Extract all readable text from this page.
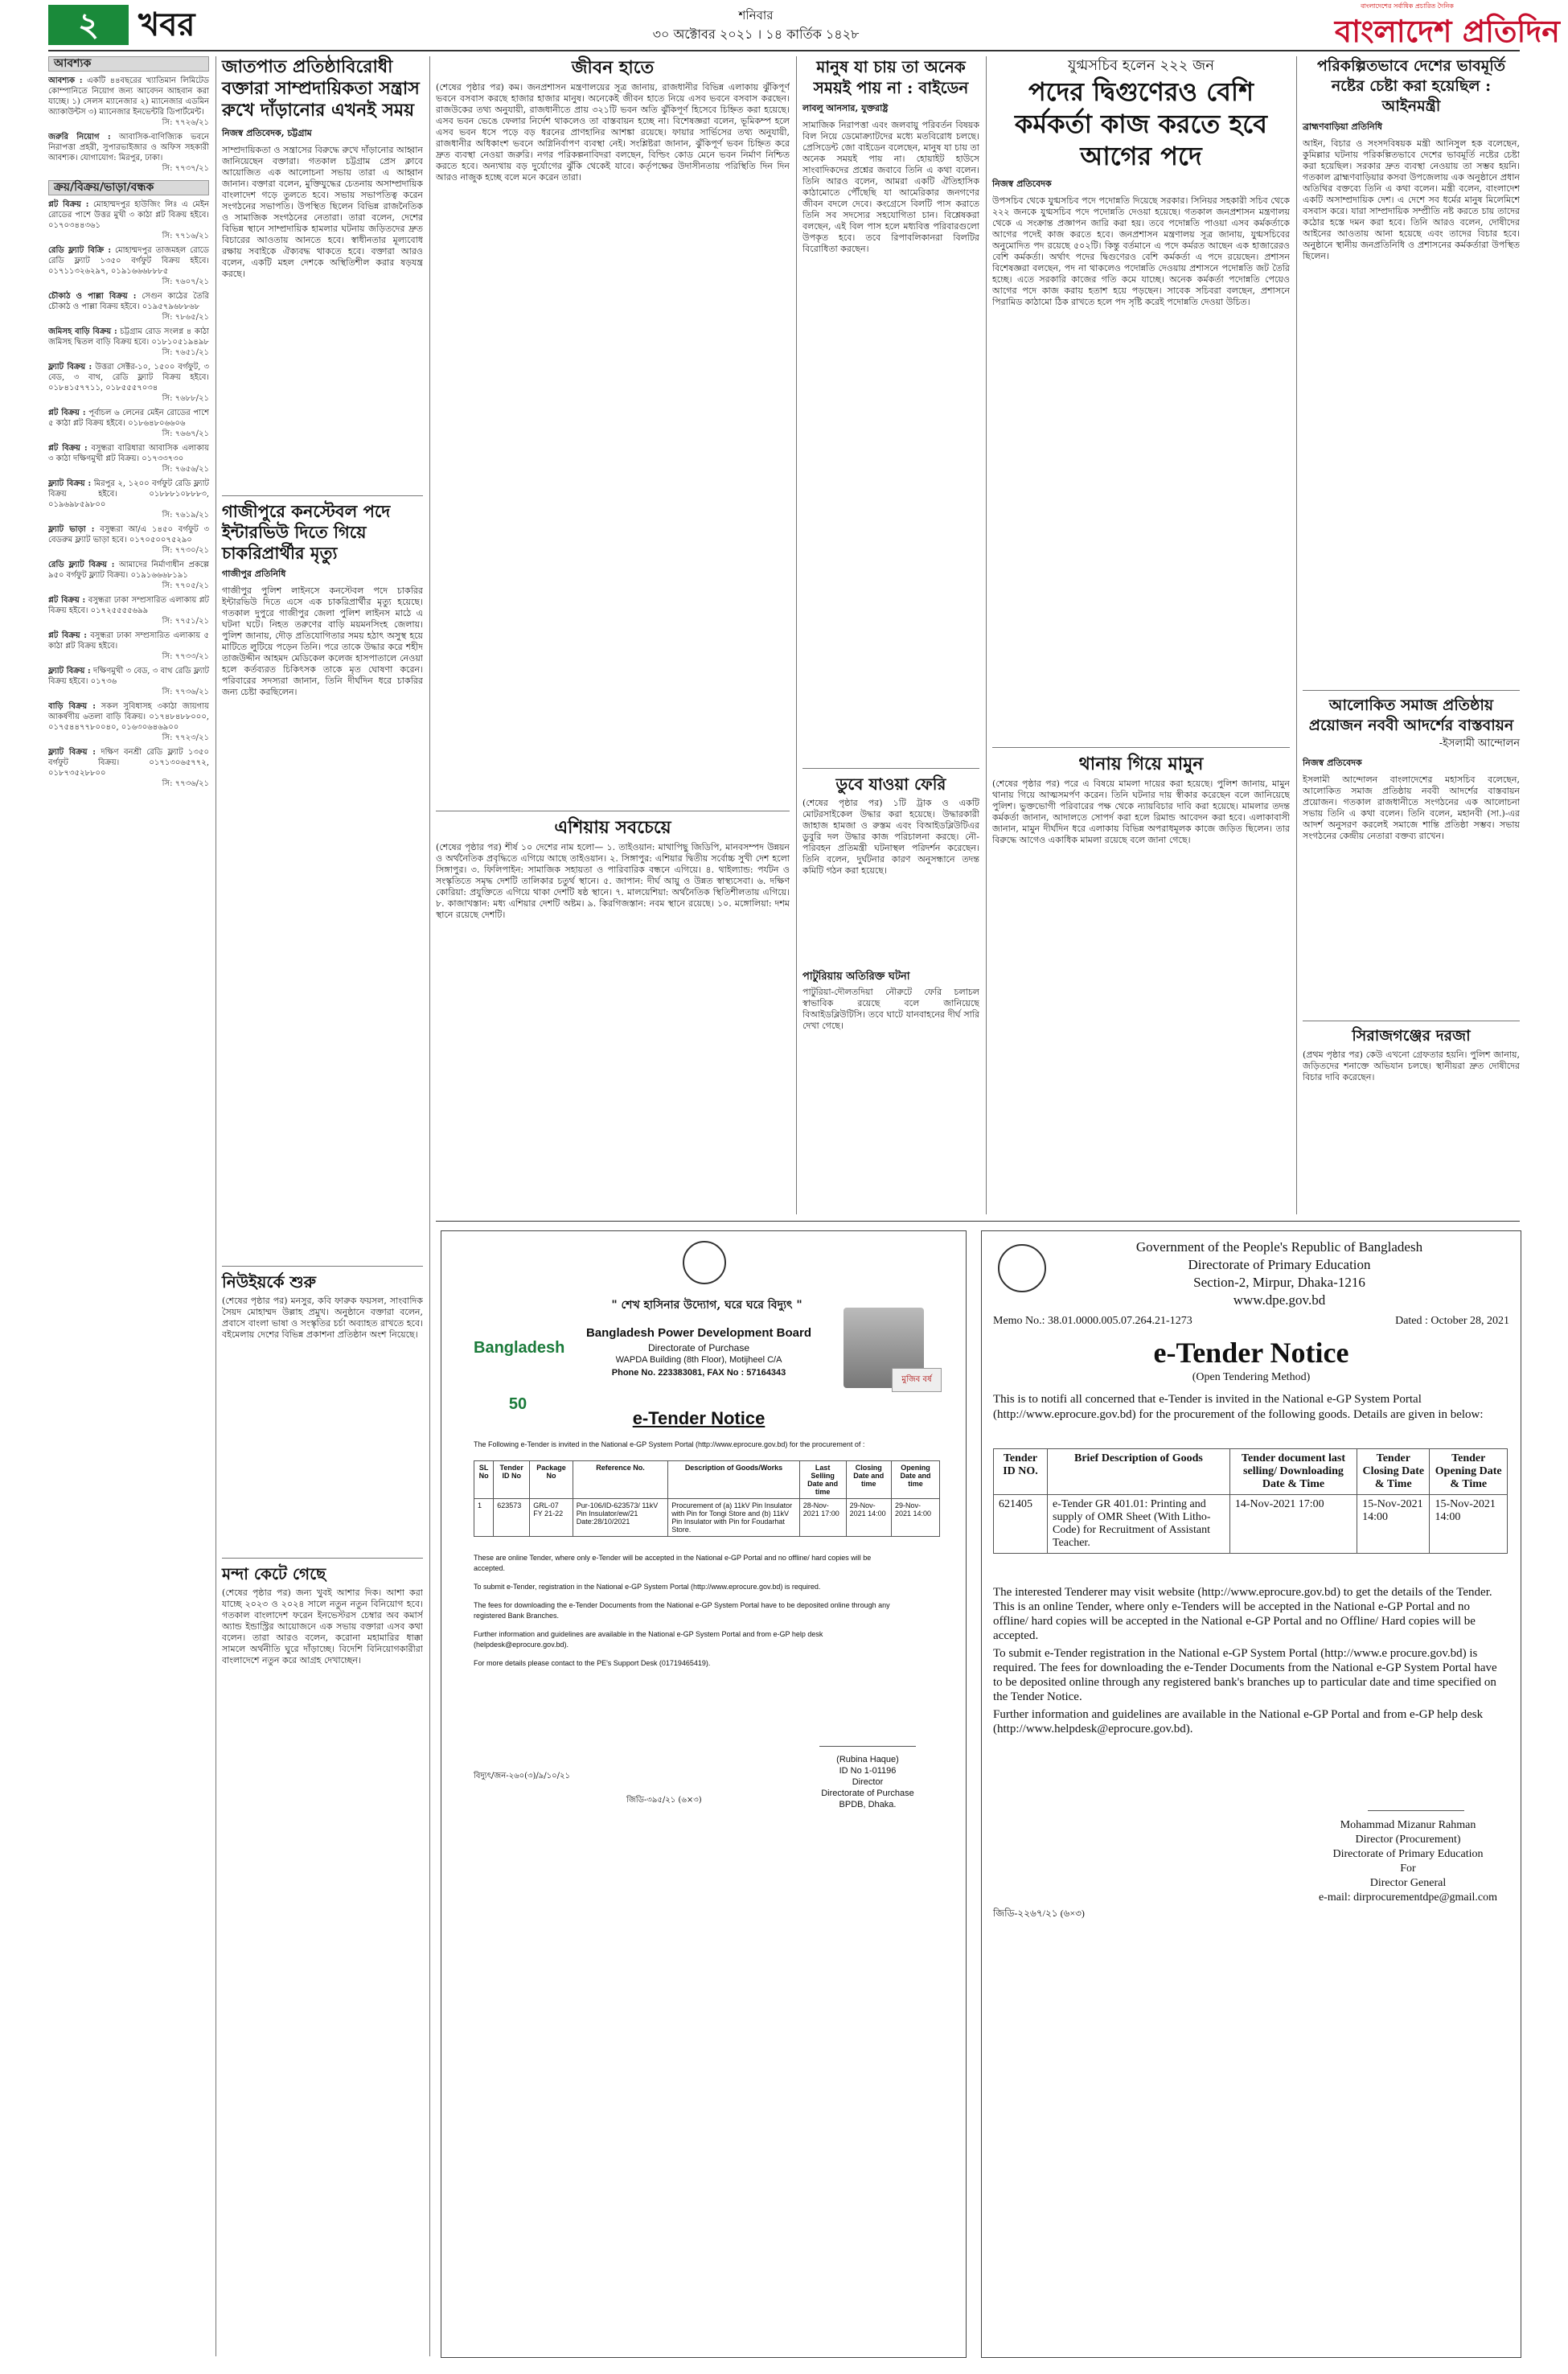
২	খবর	শনিবার
৩০ অক্টোবর ২০২১ । ১৪ কার্তিক ১৪২৮
বাংলাদেশের সর্বাধিক প্রচারিত দৈনিক
বাংলাদেশ প্রতিদিন
আবশ্যক
আবশ্যক : একটি ৪৪বছরের খ্যাতিমান লিমিটেড কোম্পানিতে নিয়োগ জন্য আবেদন আহবান করা যাচ্ছে। ১) সেলস ম্যানেজার ২) ম্যানেজার এডমিন অ্যাকাউন্টস ৩) ম্যানেজার ইনভেন্টরি ডিপার্টমেন্ট।
সি: ৭৭২৬/২১
জরুরি নিয়োগ : আবাসিক-বাণিজ্যিক ভবনে নিরাপত্তা প্রহরী, সুপারভাইজার ও অফিস সহকারী আবশ্যক। যোগাযোগ: মিরপুর, ঢাকা।
সি: ৭৭৩৭/২১
ক্রয়/বিক্রয়/ভাড়া/বন্ধক
প্লট বিক্রয় : মোহাম্মদপুর হাউজিং লিঃ এ মেইন রোডের পাশে উত্তর মুখী ৩ কাঠা প্লট বিক্রয় হইবে। ০১৭০৩৪৪৩৬১
সি: ৭৭১৬/২১
রেডি ফ্ল্যাট বিক্রি : মোহাম্মদপুর তাজমহল রোডে রেডি ফ্ল্যাট ১৩৫০ বর্গফুট বিক্রয় হইবে। ০১৭১১৩২৬২৯৭, ০১৯১৬৬৬৮৮৮৫
সি: ৭৬০৭/২১
চৌকাঠ ও পাল্লা বিক্রয় : সেগুন কাঠের তৈরি চৌকাঠ ও পাল্লা বিক্রয় হইবে। ০১৯৫৭৯৬৮৮৬৮
সি: ৭৮৬৫/২১
জমিসহ বাড়ি বিক্রয় : চট্টগ্রাম রোড সংলগ্ন ৪ কাঠা জমিসহ দ্বিতল বাড়ি বিক্রয় হবে। ০১৮১০৫১৯৪৯৮
সি: ৭৬৫১/২১
ফ্ল্যাট বিক্রয় : উত্তরা সেক্টর-১০, ১৫০০ বর্গফুট, ৩ বেড, ৩ বাথ, রেডি ফ্ল্যাট বিক্রয় হইবে। ০১৮৪১৫৭৭১১, ০১৮৫৫৫৭০৩৪
সি: ৭৬৮৮/২১
প্লট বিক্রয় : পূর্বাচল ৬ লেনের মেইন রোডের পাশে ৫ কাঠা প্লট বিক্রয় হইবে। ০১৮৬৪৮০৬৬০৬
সি: ৭৬৬৭/২১
প্লট বিক্রয় : বসুন্ধরা বারিধারা আবাসিক এলাকায় ৩ কাঠা দক্ষিণমুখী প্লট বিক্রয়। ০১৭৩৩৭৩০
সি: ৭৬৫৬/২১
ফ্ল্যাট বিক্রয় : মিরপুর ২, ১২০০ বর্গফুট রেডি ফ্ল্যাট বিক্রয় হইবে। ০১৮৮৮১০৮৮৮৩, ০১৯৬৯৮৫৯৮০০
সি: ৭৬১৯/২১
ফ্ল্যাট ভাড়া : বসুন্ধরা আ/এ ১৪৫০ বর্গফুট ৩ বেডরুম ফ্ল্যাট ভাড়া হবে। ০১৭০৫০০৭৫২৯০
সি: ৭৭৩০/২১
রেডি ফ্ল্যাট বিক্রয় : আমাদের নির্মাণাধীন প্রকল্পে ৯৫০ বর্গফুট ফ্ল্যাট বিক্রয়। ০১৯১৬৬৬৮১৯১
সি: ৭৭০৫/২১
প্লট বিক্রয় : বসুন্ধরা ঢাকা সম্প্রসারিত এলাকায় প্লট বিক্রয় হইবে। ০১৭২৫৫৫৫৬৯৯
সি: ৭৭৫১/২১
প্লট বিক্রয় : বসুন্ধরা ঢাকা সম্প্রসারিত এলাকায় ৫ কাঠা প্লট বিক্রয় হইবে।
সি: ৭৭৩৩/২১
ফ্ল্যাট বিক্রয় : দক্ষিণমুখী ৩ বেড, ৩ বাথ রেডি ফ্ল্যাট বিক্রয় হইবে। ০১৭৩৬
সি: ৭৭৩৬/২১
বাড়ি বিক্রয় : সকল সুবিধাসহ ৩কাঠা জায়গায় আকর্ষণীয় ৬তলা বাড়ি বিক্রয়। ০১৭৪৮৪৮৮০০০, ০১৭৫৪৪৭৭৮০০৪০, ০১৬৩০৬৪৬৯০০
সি: ৭৭২৩/২১
ফ্ল্যাট বিক্রয় : দক্ষিণ বনশ্রী রেডি ফ্ল্যাট ১৩৫০ বর্গফুট বিক্রয়। ০১৭১৩০৬৫৭৭২, ০১৮৭৩৫২৮৮০০
সি: ৭৭৩৬/২১
জাতপাত প্রতিষ্ঠাবিরোধী বক্তারা সাম্প্রদায়িকতা সন্ত্রাস রুখে দাঁড়ানোর এখনই সময়
নিজস্ব প্রতিবেদক, চট্টগ্রাম
সাম্প্রদায়িকতা ও সন্ত্রাসের বিরুদ্ধে রুখে দাঁড়ানোর আহ্বান জানিয়েছেন বক্তারা। গতকাল চট্টগ্রাম প্রেস ক্লাবে আয়োজিত এক আলোচনা সভায় তারা এ আহ্বান জানান। বক্তারা বলেন, মুক্তিযুদ্ধের চেতনায় অসাম্প্রদায়িক বাংলাদেশ গড়ে তুলতে হবে। সভায় সভাপতিত্ব করেন সংগঠনের সভাপতি। উপস্থিত ছিলেন বিভিন্ন রাজনৈতিক ও সামাজিক সংগঠনের নেতারা। তারা বলেন, দেশের বিভিন্ন স্থানে সাম্প্রদায়িক হামলার ঘটনায় জড়িতদের দ্রুত বিচারের আওতায় আনতে হবে। স্বাধীনতার মূল্যবোধ রক্ষায় সবাইকে ঐক্যবদ্ধ থাকতে হবে। বক্তারা আরও বলেন, একটি মহল দেশকে অস্থিতিশীল করার ষড়যন্ত্র করছে।
গাজীপুরে কনস্টেবল পদে ইন্টারভিউ দিতে গিয়ে চাকরিপ্রার্থীর মৃত্যু
গাজীপুর প্রতিনিধি
গাজীপুর পুলিশ লাইনসে কনস্টেবল পদে চাকরির ইন্টারভিউ দিতে এসে এক চাকরিপ্রার্থীর মৃত্যু হয়েছে। গতকাল দুপুরে গাজীপুর জেলা পুলিশ লাইনস মাঠে এ ঘটনা ঘটে। নিহত তরুণের বাড়ি ময়মনসিংহ জেলায়। পুলিশ জানায়, দৌড় প্রতিযোগিতার সময় হঠাৎ অসুস্থ হয়ে মাটিতে লুটিয়ে পড়েন তিনি। পরে তাকে উদ্ধার করে শহীদ তাজউদ্দীন আহমদ মেডিকেল কলেজ হাসপাতালে নেওয়া হলে কর্তব্যরত চিকিৎসক তাকে মৃত ঘোষণা করেন। পরিবারের সদস্যরা জানান, তিনি দীর্ঘদিন ধরে চাকরির জন্য চেষ্টা করছিলেন।
নিউইয়র্কে শুরু
(শেষের পৃষ্ঠার পর) মনসুর, কবি ফারুক ফয়সল, সাংবাদিক সৈয়দ মোহাম্মদ উল্লাহ প্রমুখ। অনুষ্ঠানে বক্তারা বলেন, প্রবাসে বাংলা ভাষা ও সংস্কৃতির চর্চা অব্যাহত রাখতে হবে। বইমেলায় দেশের বিভিন্ন প্রকাশনা প্রতিষ্ঠান অংশ নিয়েছে।
মন্দা কেটে গেছে
(শেষের পৃষ্ঠার পর) জন্য খুবই আশার দিক। আশা করা যাচ্ছে ২০২৩ ও ২০২৪ সালে নতুন নতুন বিনিয়োগ হবে। গতকাল বাংলাদেশ ফরেন ইনভেস্টরস চেম্বার অব কমার্স অ্যান্ড ইন্ডাস্ট্রির আয়োজনে এক সভায় বক্তারা এসব কথা বলেন। তারা আরও বলেন, করোনা মহামারির ধাক্কা সামলে অর্থনীতি ঘুরে দাঁড়াচ্ছে। বিদেশি বিনিয়োগকারীরা বাংলাদেশে নতুন করে আগ্রহ দেখাচ্ছেন।
জীবন হাতে
(শেষের পৃষ্ঠার পর) কম। জনপ্রশাসন মন্ত্রণালয়ের সূত্র জানায়, রাজধানীর বিভিন্ন এলাকায় ঝুঁকিপূর্ণ ভবনে বসবাস করছে হাজার হাজার মানুষ। অনেকেই জীবন হাতে নিয়ে এসব ভবনে বসবাস করছেন। রাজউকের তথ্য অনুযায়ী, রাজধানীতে প্রায় ৩২১টি ভবন অতি ঝুঁকিপূর্ণ হিসেবে চিহ্নিত করা হয়েছে। এসব ভবন ভেঙে ফেলার নির্দেশ থাকলেও তা বাস্তবায়ন হচ্ছে না। বিশেষজ্ঞরা বলেন, ভূমিকম্প হলে এসব ভবন ধসে পড়ে বড় ধরনের প্রাণহানির আশঙ্কা রয়েছে। ফায়ার সার্ভিসের তথ্য অনুযায়ী, রাজধানীর অধিকাংশ ভবনে অগ্নিনির্বাপণ ব্যবস্থা নেই। সংশ্লিষ্টরা জানান, ঝুঁকিপূর্ণ ভবন চিহ্নিত করে দ্রুত ব্যবস্থা নেওয়া জরুরি। নগর পরিকল্পনাবিদরা বলছেন, বিল্ডিং কোড মেনে ভবন নির্মাণ নিশ্চিত করতে হবে। অন্যথায় বড় দুর্যোগের ঝুঁকি থেকেই যাবে। কর্তৃপক্ষের উদাসীনতায় পরিস্থিতি দিন দিন আরও নাজুক হচ্ছে বলে মনে করেন তারা।
এশিয়ায় সবচেয়ে
(শেষের পৃষ্ঠার পর) শীর্ষ ১০ দেশের নাম হলো— ১. তাইওয়ান: মাথাপিছু জিডিপি, মানবসম্পদ উন্নয়ন ও অর্থনৈতিক প্রবৃদ্ধিতে এগিয়ে আছে তাইওয়ান। ২. সিঙ্গাপুর: এশিয়ার দ্বিতীয় সর্বোচ্চ সুখী দেশ হলো সিঙ্গাপুর। ৩. ফিলিপাইন: সামাজিক সহায়তা ও পারিবারিক বন্ধনে এগিয়ে। ৪. থাইল্যান্ড: পর্যটন ও সংস্কৃতিতে সমৃদ্ধ দেশটি তালিকার চতুর্থ স্থানে। ৫. জাপান: দীর্ঘ আয়ু ও উন্নত স্বাস্থ্যসেবা। ৬. দক্ষিণ কোরিয়া: প্রযুক্তিতে এগিয়ে থাকা দেশটি ষষ্ঠ স্থানে। ৭. মালয়েশিয়া: অর্থনৈতিক স্থিতিশীলতায় এগিয়ে। ৮. কাজাখস্তান: মধ্য এশিয়ার দেশটি অষ্টম। ৯. কিরগিজস্তান: নবম স্থানে রয়েছে। ১০. মঙ্গোলিয়া: দশম স্থানে রয়েছে দেশটি।
মানুষ যা চায় তা অনেক সময়ই পায় না : বাইডেন
লাবলু আনসার, যুক্তরাষ্ট্র
সামাজিক নিরাপত্তা এবং জলবায়ু পরিবর্তন বিষয়ক বিল নিয়ে ডেমোক্র্যাটদের মধ্যে মতবিরোধ চলছে। প্রেসিডেন্ট জো বাইডেন বলেছেন, মানুষ যা চায় তা অনেক সময়ই পায় না। হোয়াইট হাউসে সাংবাদিকদের প্রশ্নের জবাবে তিনি এ কথা বলেন। তিনি আরও বলেন, আমরা একটি ঐতিহাসিক কাঠামোতে পৌঁছেছি যা আমেরিকার জনগণের জীবন বদলে দেবে। কংগ্রেসে বিলটি পাস করাতে তিনি সব সদস্যের সহযোগিতা চান। বিশ্লেষকরা বলছেন, এই বিল পাস হলে মধ্যবিত্ত পরিবারগুলো উপকৃত হবে। তবে রিপাবলিকানরা বিলটির বিরোধিতা করছেন।
ডুবে যাওয়া ফেরি
(শেষের পৃষ্ঠার পর) ১টি ট্রাক ও একটি মোটরসাইকেল উদ্ধার করা হয়েছে। উদ্ধারকারী জাহাজ হামজা ও রুস্তম এবং বিআইডব্লিউটিএর ডুবুরি দল উদ্ধার কাজ পরিচালনা করছে। নৌ-পরিবহন প্রতিমন্ত্রী ঘটনাস্থল পরিদর্শন করেছেন। তিনি বলেন, দুর্ঘটনার কারণ অনুসন্ধানে তদন্ত কমিটি গঠন করা হয়েছে।
পাটুরিয়ায় অতিরিক্ত ঘটনা
পাটুরিয়া-দৌলতদিয়া নৌরুটে ফেরি চলাচল স্বাভাবিক রয়েছে বলে জানিয়েছে বিআইডব্লিউটিসি। তবে ঘাটে যানবাহনের দীর্ঘ সারি দেখা গেছে।
যুগ্মসচিব হলেন ২২২ জন
পদের দ্বিগুণেরও বেশি কর্মকর্তা কাজ করতে হবে আগের পদে
নিজস্ব প্রতিবেদক
উপসচিব থেকে যুগ্মসচিব পদে পদোন্নতি দিয়েছে সরকার। সিনিয়র সহকারী সচিব থেকে ২২২ জনকে যুগ্মসচিব পদে পদোন্নতি দেওয়া হয়েছে। গতকাল জনপ্রশাসন মন্ত্রণালয় থেকে এ সংক্রান্ত প্রজ্ঞাপন জারি করা হয়। তবে পদোন্নতি পাওয়া এসব কর্মকর্তাকে আগের পদেই কাজ করতে হবে। জনপ্রশাসন মন্ত্রণালয় সূত্র জানায়, যুগ্মসচিবের অনুমোদিত পদ রয়েছে ৫০২টি। কিন্তু বর্তমানে এ পদে কর্মরত আছেন এক হাজারেরও বেশি কর্মকর্তা। অর্থাৎ পদের দ্বিগুণেরও বেশি কর্মকর্তা এ পদে রয়েছেন। প্রশাসন বিশেষজ্ঞরা বলছেন, পদ না থাকলেও পদোন্নতি দেওয়ায় প্রশাসনে পদোন্নতি জট তৈরি হচ্ছে। এতে সরকারি কাজের গতি কমে যাচ্ছে। অনেক কর্মকর্তা পদোন্নতি পেয়েও আগের পদে কাজ করায় হতাশ হয়ে পড়ছেন। সাবেক সচিবরা বলছেন, প্রশাসনে পিরামিড কাঠামো ঠিক রাখতে হলে পদ সৃষ্টি করেই পদোন্নতি দেওয়া উচিত।
থানায় গিয়ে মামুন
(শেষের পৃষ্ঠার পর) পরে এ বিষয়ে মামলা দায়ের করা হয়েছে। পুলিশ জানায়, মামুন থানায় গিয়ে আত্মসমর্পণ করেন। তিনি ঘটনার দায় স্বীকার করেছেন বলে জানিয়েছে পুলিশ। ভুক্তভোগী পরিবারের পক্ষ থেকে ন্যায়বিচার দাবি করা হয়েছে। মামলার তদন্ত কর্মকর্তা জানান, আদালতে সোপর্দ করা হলে রিমান্ড আবেদন করা হবে। এলাকাবাসী জানান, মামুন দীর্ঘদিন ধরে এলাকায় বিভিন্ন অপরাধমূলক কাজে জড়িত ছিলেন। তার বিরুদ্ধে আগেও একাধিক মামলা রয়েছে বলে জানা গেছে।
পরিকল্পিতভাবে দেশের ভাবমূর্তি নষ্টের চেষ্টা করা হয়েছিল : আইনমন্ত্রী
ব্রাহ্মণবাড়িয়া প্রতিনিধি
আইন, বিচার ও সংসদবিষয়ক মন্ত্রী আনিসুল হক বলেছেন, কুমিল্লার ঘটনায় পরিকল্পিতভাবে দেশের ভাবমূর্তি নষ্টের চেষ্টা করা হয়েছিল। সরকার দ্রুত ব্যবস্থা নেওয়ায় তা সম্ভব হয়নি। গতকাল ব্রাহ্মণবাড়িয়ার কসবা উপজেলায় এক অনুষ্ঠানে প্রধান অতিথির বক্তব্যে তিনি এ কথা বলেন। মন্ত্রী বলেন, বাংলাদেশ একটি অসাম্প্রদায়িক দেশ। এ দেশে সব ধর্মের মানুষ মিলেমিশে বসবাস করে। যারা সাম্প্রদায়িক সম্প্রীতি নষ্ট করতে চায় তাদের কঠোর হস্তে দমন করা হবে। তিনি আরও বলেন, দোষীদের আইনের আওতায় আনা হয়েছে এবং তাদের বিচার হবে। অনুষ্ঠানে স্থানীয় জনপ্রতিনিধি ও প্রশাসনের কর্মকর্তারা উপস্থিত ছিলেন।
আলোকিত সমাজ প্রতিষ্ঠায় প্রয়োজন নববী আদর্শের বাস্তবায়ন
-ইসলামী আন্দোলন
নিজস্ব প্রতিবেদক
ইসলামী আন্দোলন বাংলাদেশের মহাসচিব বলেছেন, আলোকিত সমাজ প্রতিষ্ঠায় নববী আদর্শের বাস্তবায়ন প্রয়োজন। গতকাল রাজধানীতে সংগঠনের এক আলোচনা সভায় তিনি এ কথা বলেন। তিনি বলেন, মহানবী (সা.)-এর আদর্শ অনুসরণ করলেই সমাজে শান্তি প্রতিষ্ঠা সম্ভব। সভায় সংগঠনের কেন্দ্রীয় নেতারা বক্তব্য রাখেন।
সিরাজগঞ্জের দরজা
(প্রথম পৃষ্ঠার পর) কেউ এখনো গ্রেফতার হয়নি। পুলিশ জানায়, জড়িতদের শনাক্তে অভিযান চলছে। স্থানীয়রা দ্রুত দোষীদের বিচার দাবি করেছেন।
" শেখ হাসিনার উদ্যোগ, ঘরে ঘরে বিদ্যুৎ "
Bangladesh 50
Bangladesh Power Development Board
Directorate of Purchase
WAPDA Building (8th Floor), Motijheel C/A
Phone No. 223383081, FAX No : 57164343
মুজিব বর্ষ
e-Tender Notice
The Following e-Tender is invited in the National e-GP System Portal (http://www.eprocure.gov.bd) for the procurement of :
SL No	Tender ID No	Package No	Reference No.	Description of Goods/Works	Last Selling Date and time	Closing Date and time	Opening Date and time
1	623573	GRL-07 FY 21-22	Pur-106/ID-623573/ 11kV Pin Insulator/ew/21 Date:28/10/2021	Procurement of (a) 11kV Pin Insulator with Pin for Tongi Store and (b) 11kV Pin Insulator with Pin for Foudarhat Store.	28-Nov-2021 17:00	29-Nov-2021 14:00	29-Nov-2021 14:00
These are online Tender, where only e-Tender will be accepted in the National e-GP Portal and no offline/ hard copies will be accepted.
To submit e-Tender, registration in the National e-GP System Portal (http://www.eprocure.gov.bd) is required.
The fees for downloading the e-Tender Documents from the National e-GP System Portal have to be deposited online through any registered Bank Branches.
Further information and guidelines are available in the National e-GP System Portal and from e-GP help desk (helpdesk@eprocure.gov.bd).
For more details please contact to the PE's Support Desk (01719465419).
(Rubina Haque)
ID No 1-01196
Director
Directorate of Purchase
BPDB, Dhaka.
বিদ্যুৎ/জন-২৬০(৩)/৯/১০/২১
জিডি-৩৯৫/২১ (৬×৩)
Government of the People's Republic of Bangladesh
Directorate of Primary Education
Section-2, Mirpur, Dhaka-1216
www.dpe.gov.bd
Memo No.: 38.01.0000.005.07.264.21-1273	Dated : October 28, 2021
e-Tender Notice
(Open Tendering Method)
This is to notifi all concerned that e-Tender is invited in the National e-GP System Portal (http://www.eprocure.gov.bd) for the procurement of the following goods. Details are given in below:
Tender ID NO.	Brief Description of Goods	Tender document last selling/ Downloading Date & Time	Tender Closing Date & Time	Tender Opening Date & Time
621405	e-Tender GR 401.01: Printing and supply of OMR Sheet (With Litho-Code) for Recruitment of Assistant Teacher.	14-Nov-2021 17:00	15-Nov-2021 14:00	15-Nov-2021 14:00
The interested Tenderer may visit website (http://www.eprocure.gov.bd) to get the details of the Tender. This is an online Tender, where only e-Tenders will be accepted in the National e-GP Portal and no offline/ hard copies will be accepted in the National e-GP Portal and no Offline/ Hard copies will be accepted.
To submit e-Tender registration in the National e-GP System Portal (http://www.e procure.gov.bd) is required. The fees for downloading the e-Tender Documents from the National e-GP System Portal have to be deposited online through any registered bank's branches up to particular date and time specified on the Tender Notice.
Further information and guidelines are available in the National e-GP Portal and from e-GP help desk (http://www.helpdesk@eprocure.gov.bd).
Mohammad Mizanur Rahman
Director (Procurement)
Directorate of Primary Education
For
Director General
e-mail: dirprocurementdpe@gmail.com
জিডি-২২৬৭/২১ (৬×৩)
